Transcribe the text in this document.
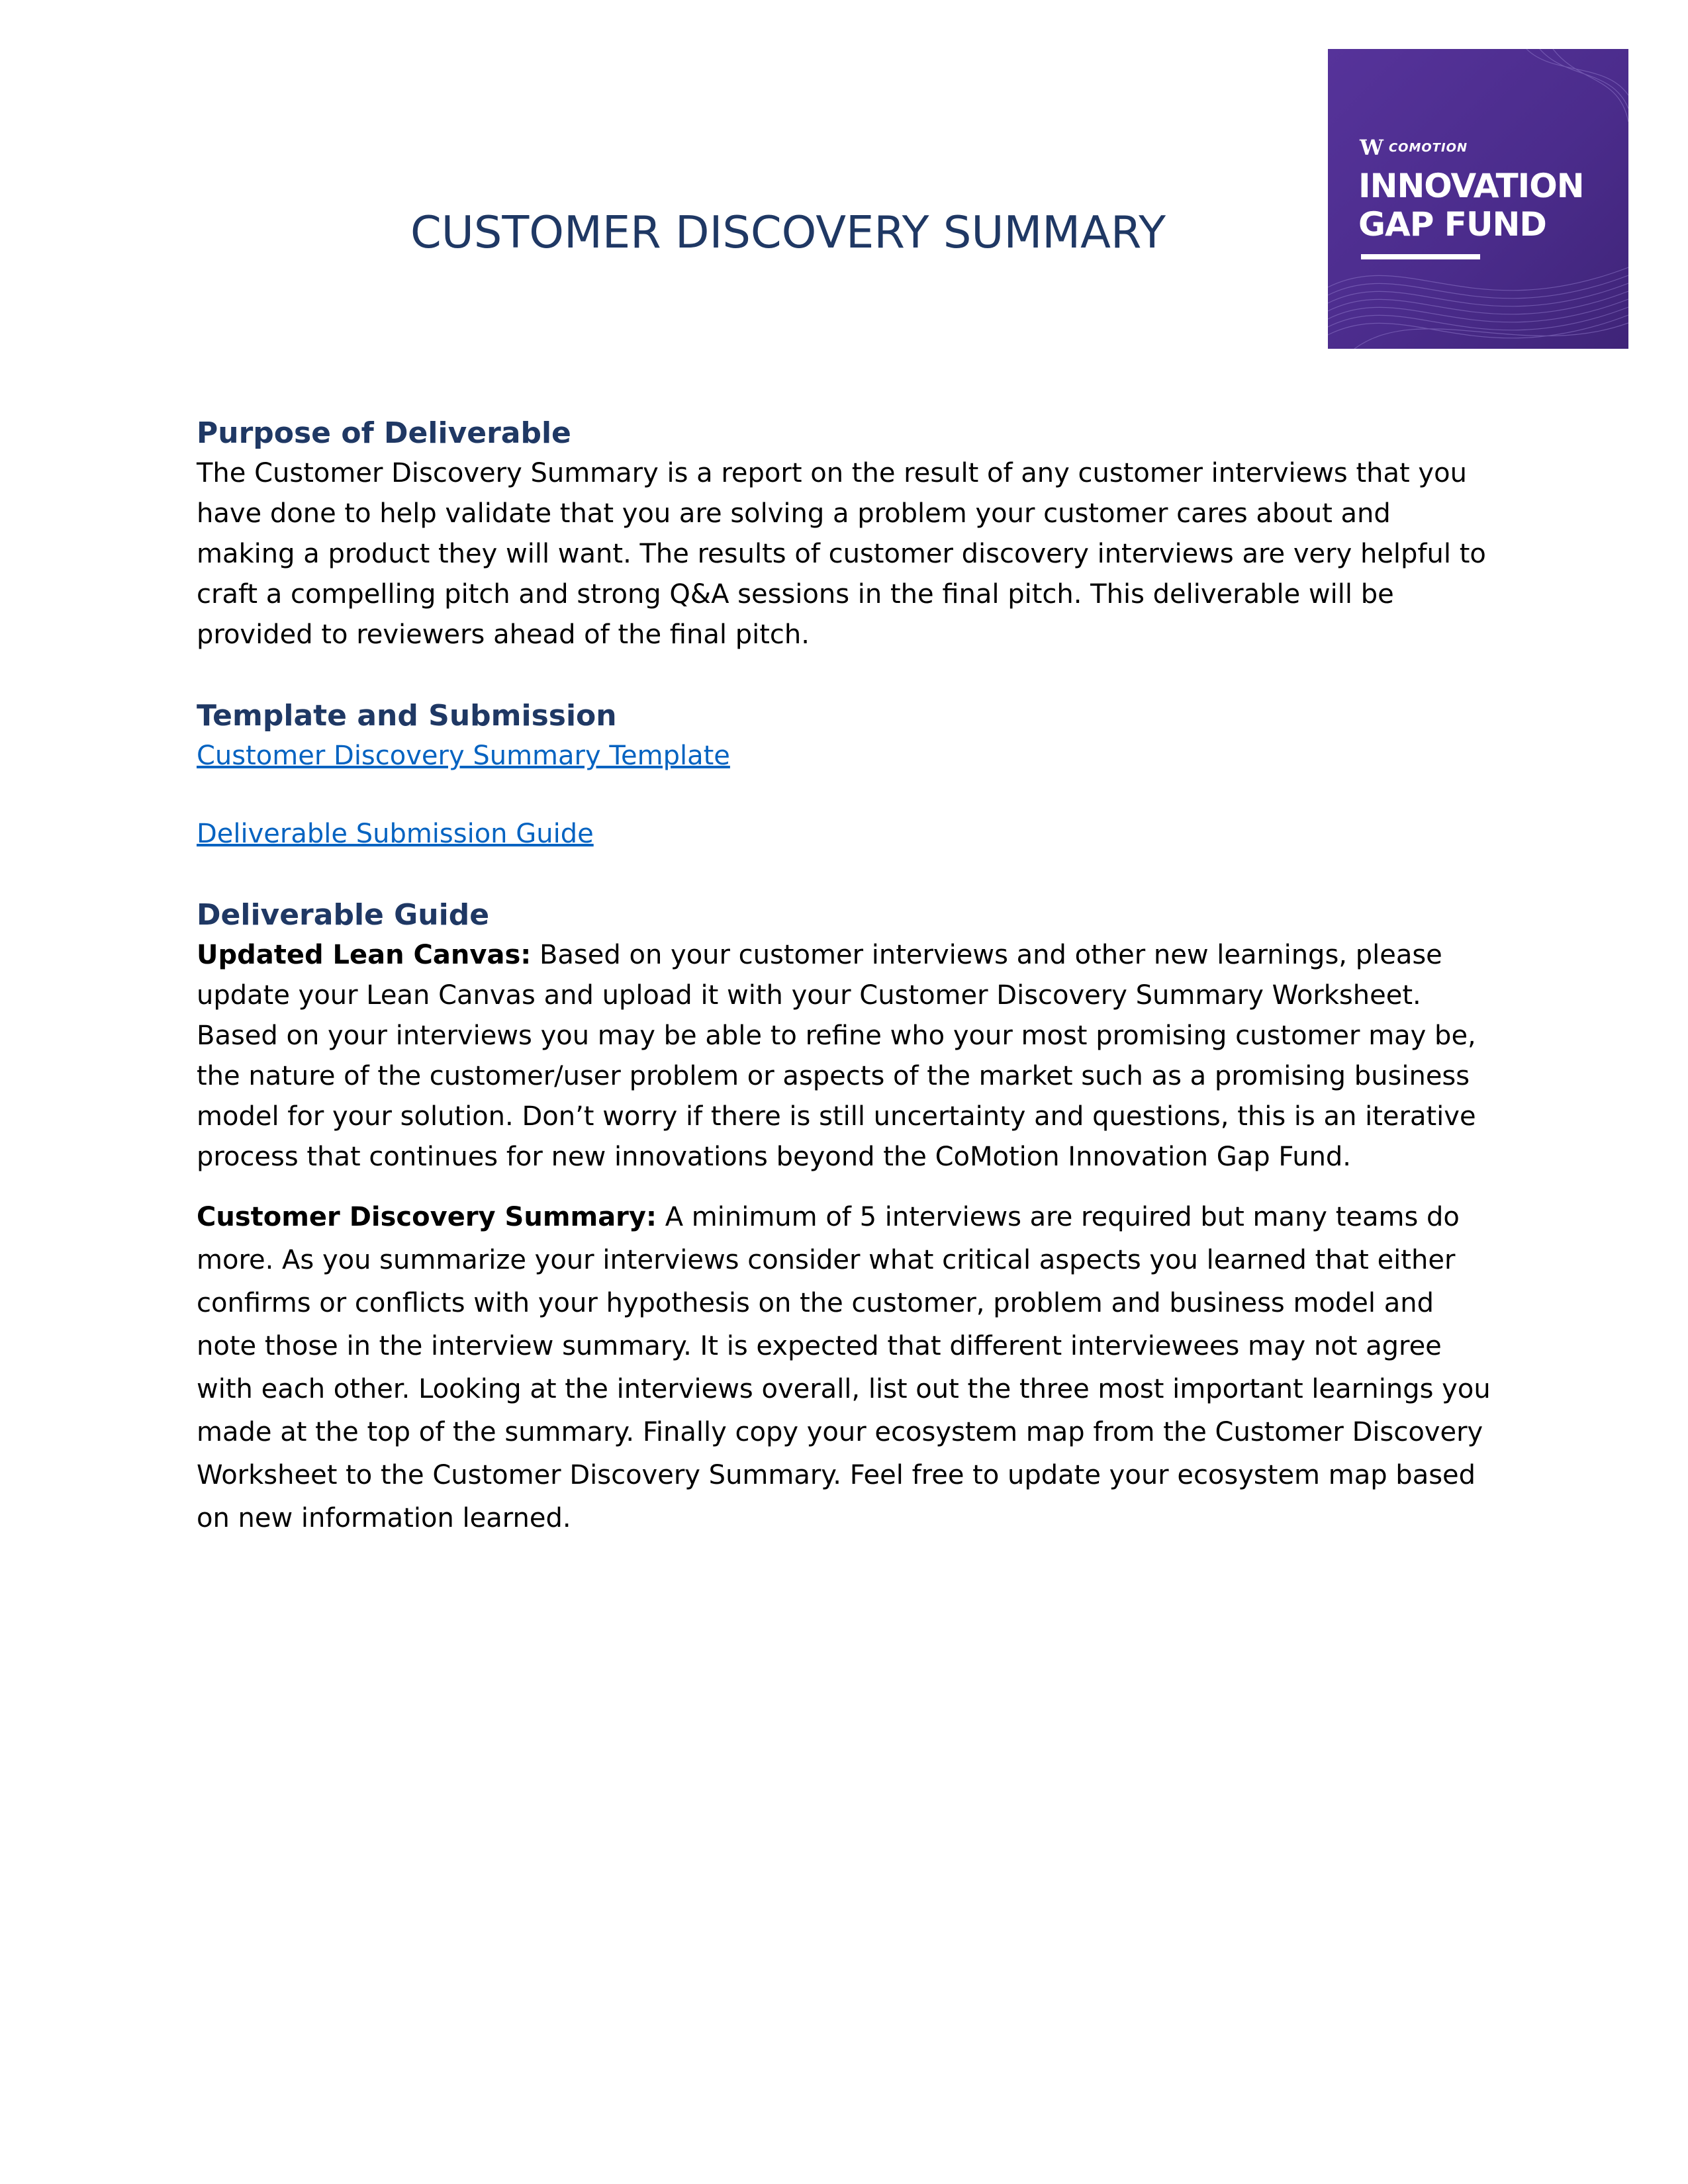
CUSTOMER DISCOVERY SUMMARY
WCOMOTION
INNOVATION
GAP FUND
Purpose of Deliverable

The Customer Discovery Summary is a report on the result of any customer interviews that you have done to help validate that you are solving a problem your customer cares about and making a product they will want. The results of customer discovery interviews are very helpful to craft a compelling pitch and strong Q&A sessions in the final pitch. This deliverable will be provided to reviewers ahead of the final pitch.

Template and Submission
Customer Discovery Summary Template
Deliverable Submission Guide
Deliverable Guide

Updated Lean Canvas: Based on your customer interviews and other new learnings, please update your Lean Canvas and upload it with your Customer Discovery Summary Worksheet. Based on your interviews you may be able to refine who your most promising customer may be, the nature of the customer/user problem or aspects of the market such as a promising business model for your solution. Don’t worry if there is still uncertainty and questions, this is an iterative process that continues for new innovations beyond the CoMotion Innovation Gap Fund.

Customer Discovery Summary: A minimum of 5 interviews are required but many teams do more. As you summarize your interviews consider what critical aspects you learned that either confirms or conflicts with your hypothesis on the customer, problem and business model and note those in the interview summary. It is expected that different interviewees may not agree with each other. Looking at the interviews overall, list out the three most important learnings you made at the top of the summary. Finally copy your ecosystem map from the Customer Discovery Worksheet to the Customer Discovery Summary. Feel free to update your ecosystem map based on new information learned.
